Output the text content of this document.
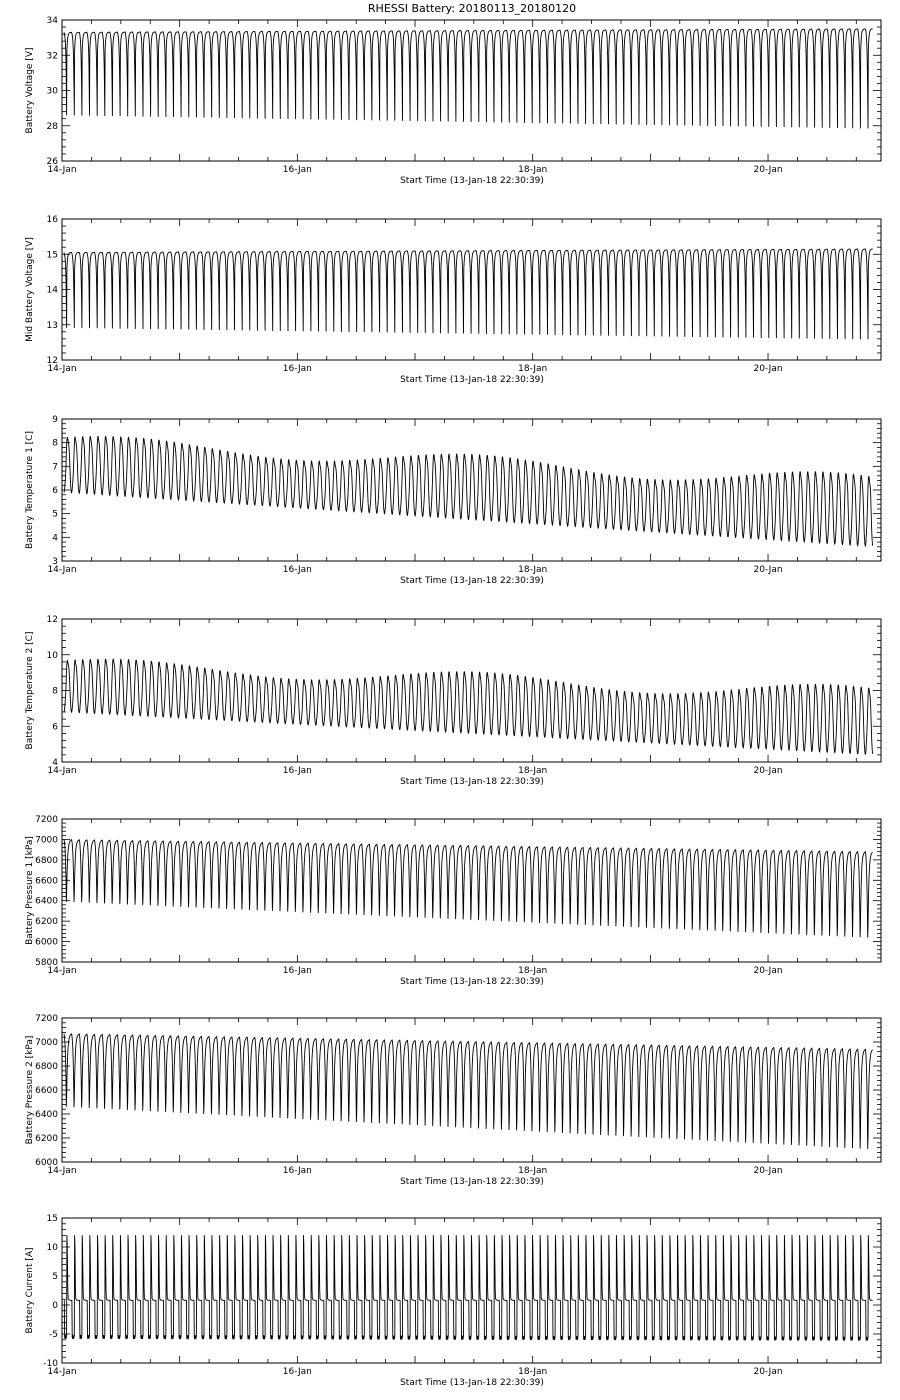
RHESSI Battery: 20180113_20180120
14-Jan	16-Jan	18-Jan	20-Jan
Start Time (13-Jan-18 22:30:39)
26
28
30
32
34
Battery Voltage [V]
14-Jan	16-Jan	18-Jan	20-Jan
Start Time (13-Jan-18 22:30:39)
12
13
14
15
16
Mid Battery Voltage [V]
14-Jan	16-Jan	18-Jan	20-Jan
Start Time (13-Jan-18 22:30:39)
3
4
5
6
7
8
9
Battery Temperature 1 [C]
14-Jan	16-Jan	18-Jan	20-Jan
Start Time (13-Jan-18 22:30:39)
4
6
8
10
12
Battery Temperature 2 [C]
14-Jan	16-Jan	18-Jan	20-Jan
Start Time (13-Jan-18 22:30:39)
5800
6000
6200
6400
6600
6800
7000
7200
Battery Pressure 1 [kPa]
14-Jan	16-Jan	18-Jan	20-Jan
Start Time (13-Jan-18 22:30:39)
6000
6200
6400
6600
6800
7000
7200
Battery Pressure 2 [kPa]
14-Jan	16-Jan	18-Jan	20-Jan
Start Time (13-Jan-18 22:30:39)
-10
-5
0
5
10
15
Battery Current [A]
